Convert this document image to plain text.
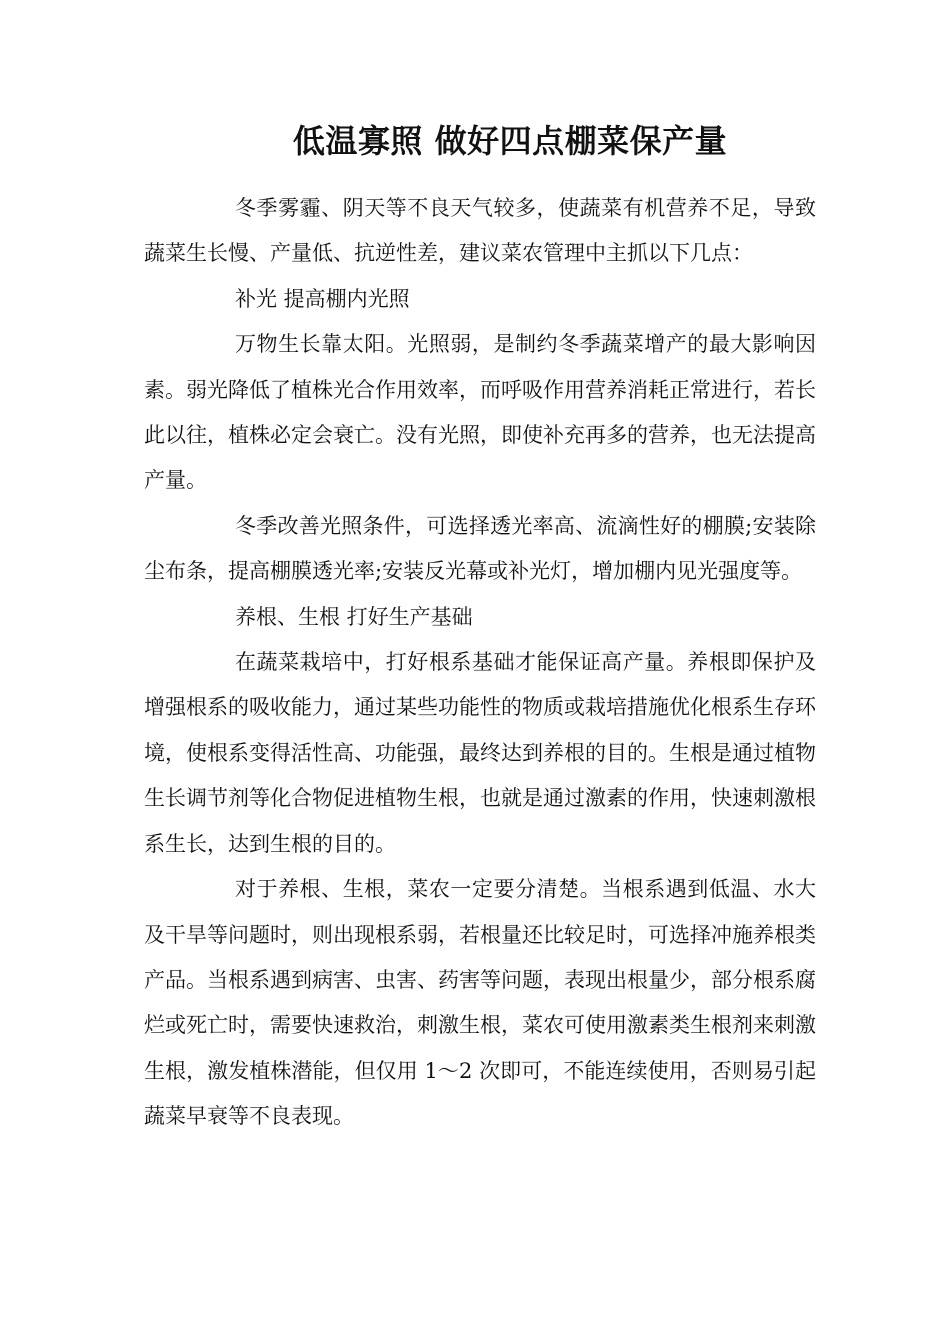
低温寡照 做好四点棚菜保产量

冬季雾霾、阴天等不良天气较多，使蔬菜有机营养不足，导致蔬菜生长慢、产量低、抗逆性差，建议菜农管理中主抓以下几点：

补光 提高棚内光照

万物生长靠太阳。光照弱，是制约冬季蔬菜增产的最大影响因素。弱光降低了植株光合作用效率，而呼吸作用营养消耗正常进行，若长此以往，植株必定会衰亡。没有光照，即使补充再多的营养，也无法提高产量。

冬季改善光照条件，可选择透光率高、流滴性好的棚膜;安装除尘布条，提高棚膜透光率;安装反光幕或补光灯，增加棚内见光强度等。

养根、生根 打好生产基础

在蔬菜栽培中，打好根系基础才能保证高产量。养根即保护及增强根系的吸收能力，通过某些功能性的物质或栽培措施优化根系生存环境，使根系变得活性高、功能强，最终达到养根的目的。生根是通过植物生长调节剂等化合物促进植物生根，也就是通过激素的作用，快速刺激根系生长，达到生根的目的。

对于养根、生根，菜农一定要分清楚。当根系遇到低温、水大及干旱等问题时，则出现根系弱，若根量还比较足时，可选择冲施养根类产品。当根系遇到病害、虫害、药害等问题，表现出根量少，部分根系腐烂或死亡时，需要快速救治，刺激生根，菜农可使用激素类生根剂来刺激生根，激发植株潜能，但仅用 1～2 次即可，不能连续使用，否则易引起蔬菜早衰等不良表现。
